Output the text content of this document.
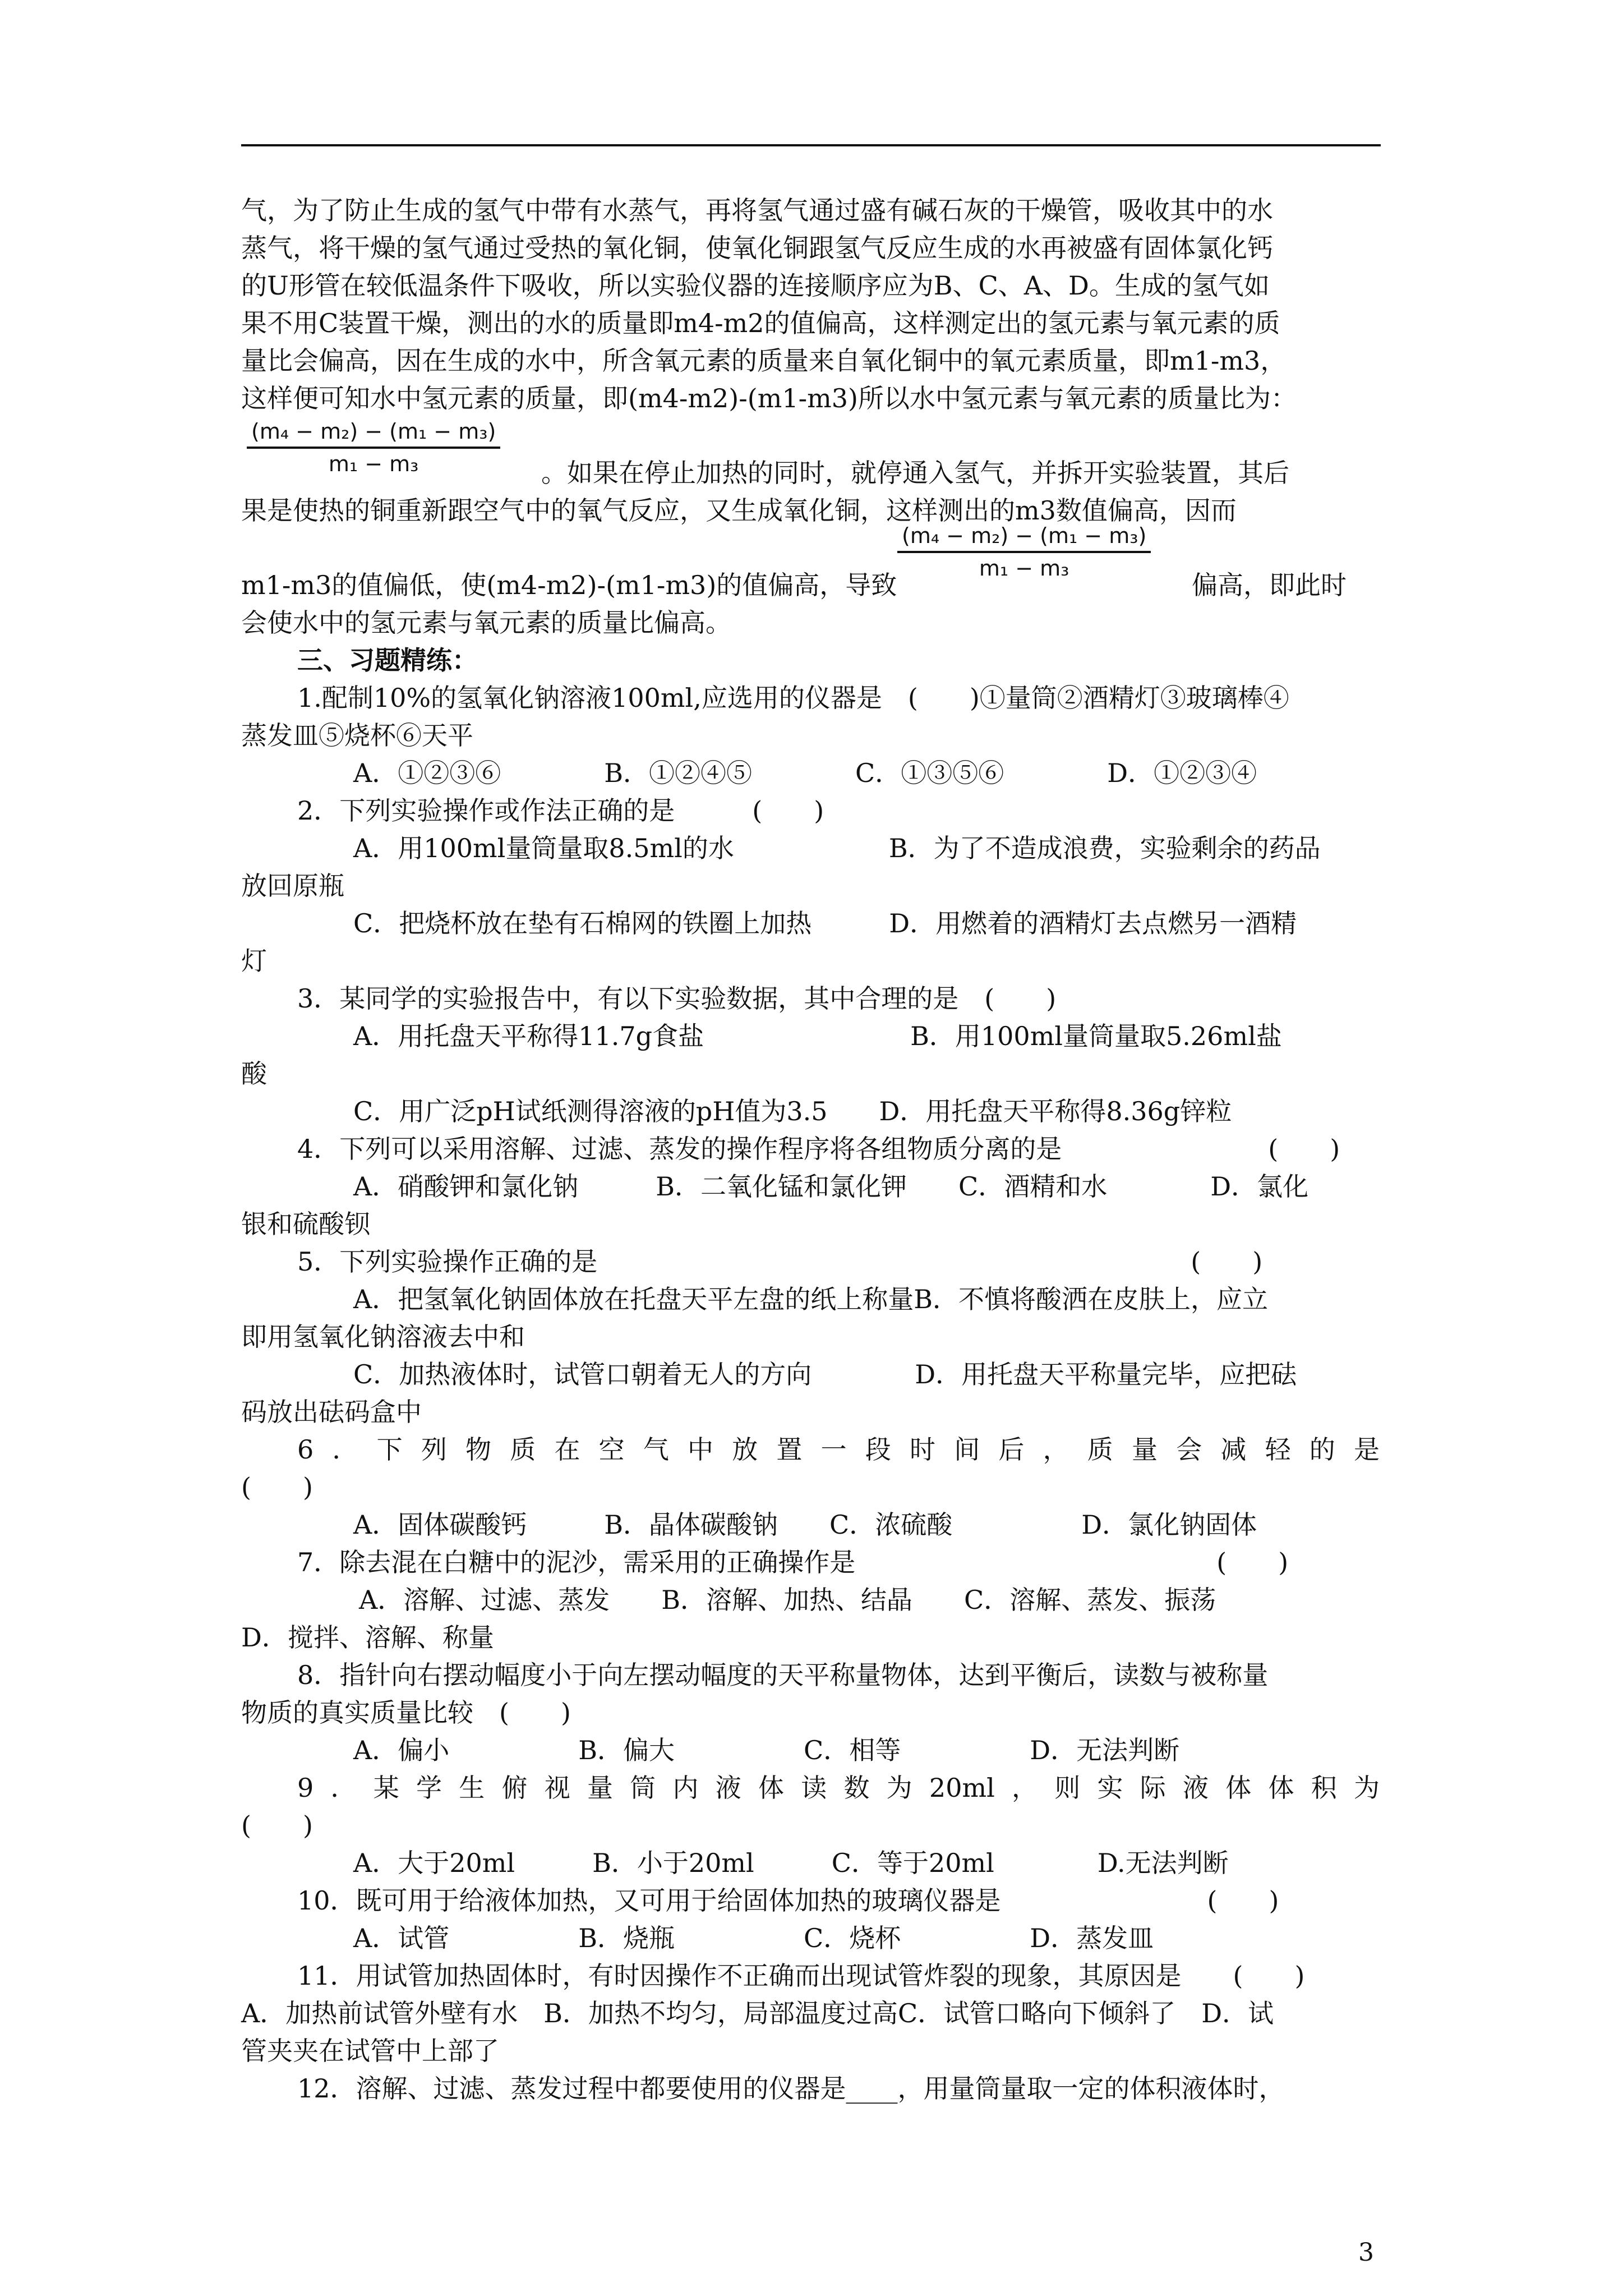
气，为了防止生成的氢气中带有水蒸气，再将氢气通过盛有碱石灰的干燥管，吸收其中的水
蒸气，将干燥的氢气通过受热的氧化铜，使氧化铜跟氢气反应生成的水再被盛有固体氯化钙
的U形管在较低温条件下吸收，所以实验仪器的连接顺序应为B、C、A、D。生成的氢气如
果不用C装置干燥，测出的水的质量即m4-m2的值偏高，这样测定出的氢元素与氧元素的质
量比会偏高，因在生成的水中，所含氧元素的质量来自氧化铜中的氧元素质量，即m1-m3，
这样便可知水中氢元素的质量，即(m4-m2)-(m1-m3)所以水中氢元素与氧元素的质量比为：
$\frac{\text{(m₄ − m₂) − (m₁ − m₃)}}{\text{m₁ − m₃}}$ 。如果在停止加热的同时，就停通入氢气，并拆开实验装置，其后
果是使热的铜重新跟空气中的氧气反应，又生成氧化铜，这样测出的m3数值偏高，因而
$\frac{\text{(m₄ − m₂) − (m₁ − m₃)}}{\text{m₁ − m₃}}$
m1-m3的值偏低，使(m4-m2)-(m1-m3)的值偏高，导致	偏高，即此时
会使水中的氢元素与氧元素的质量比偏高。
三、习题精练：
1.配制10%的氢氧化钠溶液100ml,应选用的仪器是　(　　)①量筒②酒精灯③玻璃棒④
蒸发皿⑤烧杯⑥天平
A．①②③⑥　　　　B．①②④⑤　　　　C．①③⑤⑥　　　　D．①②③④
2．下列实验操作或作法正确的是　　　(　　)
A．用100ml量筒量取8.5ml的水　　　　　　B．为了不造成浪费，实验剩余的药品
放回原瓶
C．把烧杯放在垫有石棉网的铁圈上加热　　　D．用燃着的酒精灯去点燃另一酒精
灯
3．某同学的实验报告中，有以下实验数据，其中合理的是　(　　)
A．用托盘天平称得11.7g食盐　　　　　　　　B．用100ml量筒量取5.26ml盐
酸
C．用广泛pH试纸测得溶液的pH值为3.5　　D．用托盘天平称得8.36g锌粒
4．下列可以采用溶解、过滤、蒸发的操作程序将各组物质分离的是　　　　　　　　(　　)
A．硝酸钾和氯化钠　　　B．二氧化锰和氯化钾　　C．酒精和水　　　　D．氯化
银和硫酸钡
5．下列实验操作正确的是　　　　　　　　　　　　　　　　　　　　　　　(　　)
A．把氢氧化钠固体放在托盘天平左盘的纸上称量B．不慎将酸洒在皮肤上，应立
即用氢氧化钠溶液去中和
C．加热液体时，试管口朝着无人的方向　　　　D．用托盘天平称量完毕，应把砝
码放出砝码盒中
6．下列物质在空气中放置一段时间后，质量会减轻的是
(　　)
A．固体碳酸钙　　　B．晶体碳酸钠　　C．浓硫酸　　　　　D．氯化钠固体
7．除去混在白糖中的泥沙，需采用的正确操作是　　　　　　　　　　　　　　(　　)
A．溶解、过滤、蒸发　　B．溶解、加热、结晶　　C．溶解、蒸发、振荡
D．搅拌、溶解、称量
8．指针向右摆动幅度小于向左摆动幅度的天平称量物体，达到平衡后，读数与被称量
物质的真实质量比较　(　　)
A．偏小　　　　　B．偏大　　　　　C．相等　　　　　D．无法判断
9．某学生俯视量筒内液体读数为20ml，则实际液体体积为
(　　)
A．大于20ml　　　B．小于20ml　　　C．等于20ml　　　　D.无法判断
10．既可用于给液体加热，又可用于给固体加热的玻璃仪器是　　　　　　　　(　　)
A．试管　　　　　B．烧瓶　　　　　C．烧杯　　　　　D．蒸发皿
11．用试管加热固体时，有时因操作不正确而出现试管炸裂的现象，其原因是　　(　　)
A．加热前试管外壁有水　B．加热不均匀，局部温度过高C．试管口略向下倾斜了　D．试
管夹夹在试管中上部了
12．溶解、过滤、蒸发过程中都要使用的仪器是____，用量筒量取一定的体积液体时，
3
